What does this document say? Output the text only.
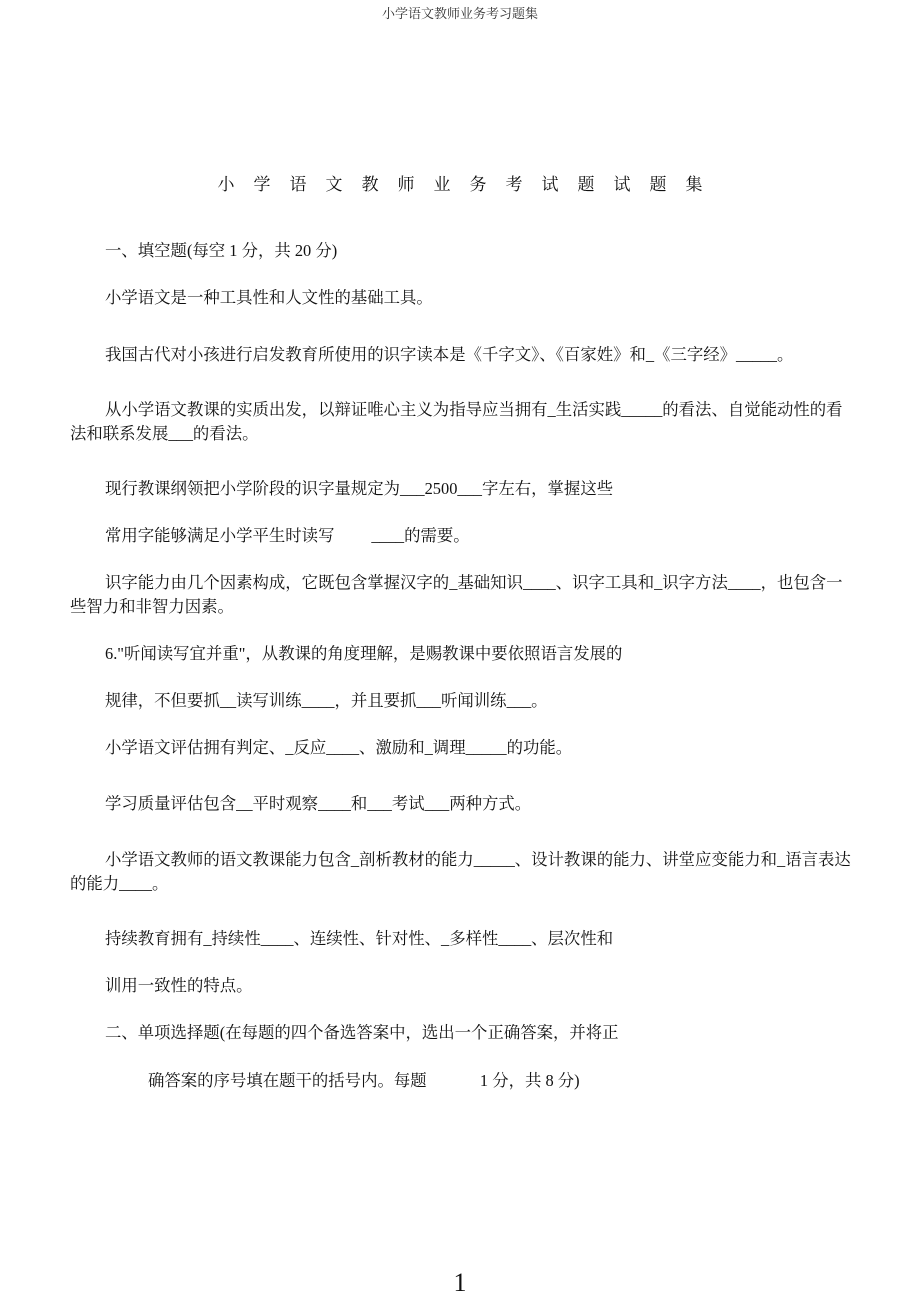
小学语文教师业务考习题集
小学语文教师业务考试题试题集
一、填空题(每空 1 分，共 20 分)
小学语文是一种工具性和人文性的基础工具。
我国古代对小孩进行启发教育所使用的识字读本是《千字文》、《百家姓》和_《三字经》_____。
从小学语文教课的实质出发，以辩证唯心主义为指导应当拥有_生活实践_____的看法、自觉能动性的看法和联系发展___的看法。
现行教课纲领把小学阶段的识字量规定为___2500___字左右，掌握这些
常用字能够满足小学平生时读写　　 ____的需要。
识字能力由几个因素构成，它既包含掌握汉字的_基础知识____、识字工具和_识字方法____，也包含一些智力和非智力因素。
6."听闻读写宜并重"，从教课的角度理解，是赐教课中要依照语言发展的
规律，不但要抓__读写训练____，并且要抓___听闻训练___。
小学语文评估拥有判定、_反应____、激励和_调理_____的功能。
学习质量评估包含__平时观察____和___考试___两种方式。
小学语文教师的语文教课能力包含_剖析教材的能力_____、设计教课的能力、讲堂应变能力和_语言表达的能力____。
持续教育拥有_持续性____、连续性、针对性、_多样性____、层次性和
训用一致性的特点。
二、单项选择题(在每题的四个备选答案中，选出一个正确答案，并将正
确答案的序号填在题干的括号内。每题　　　 1 分，共 8 分)
1
